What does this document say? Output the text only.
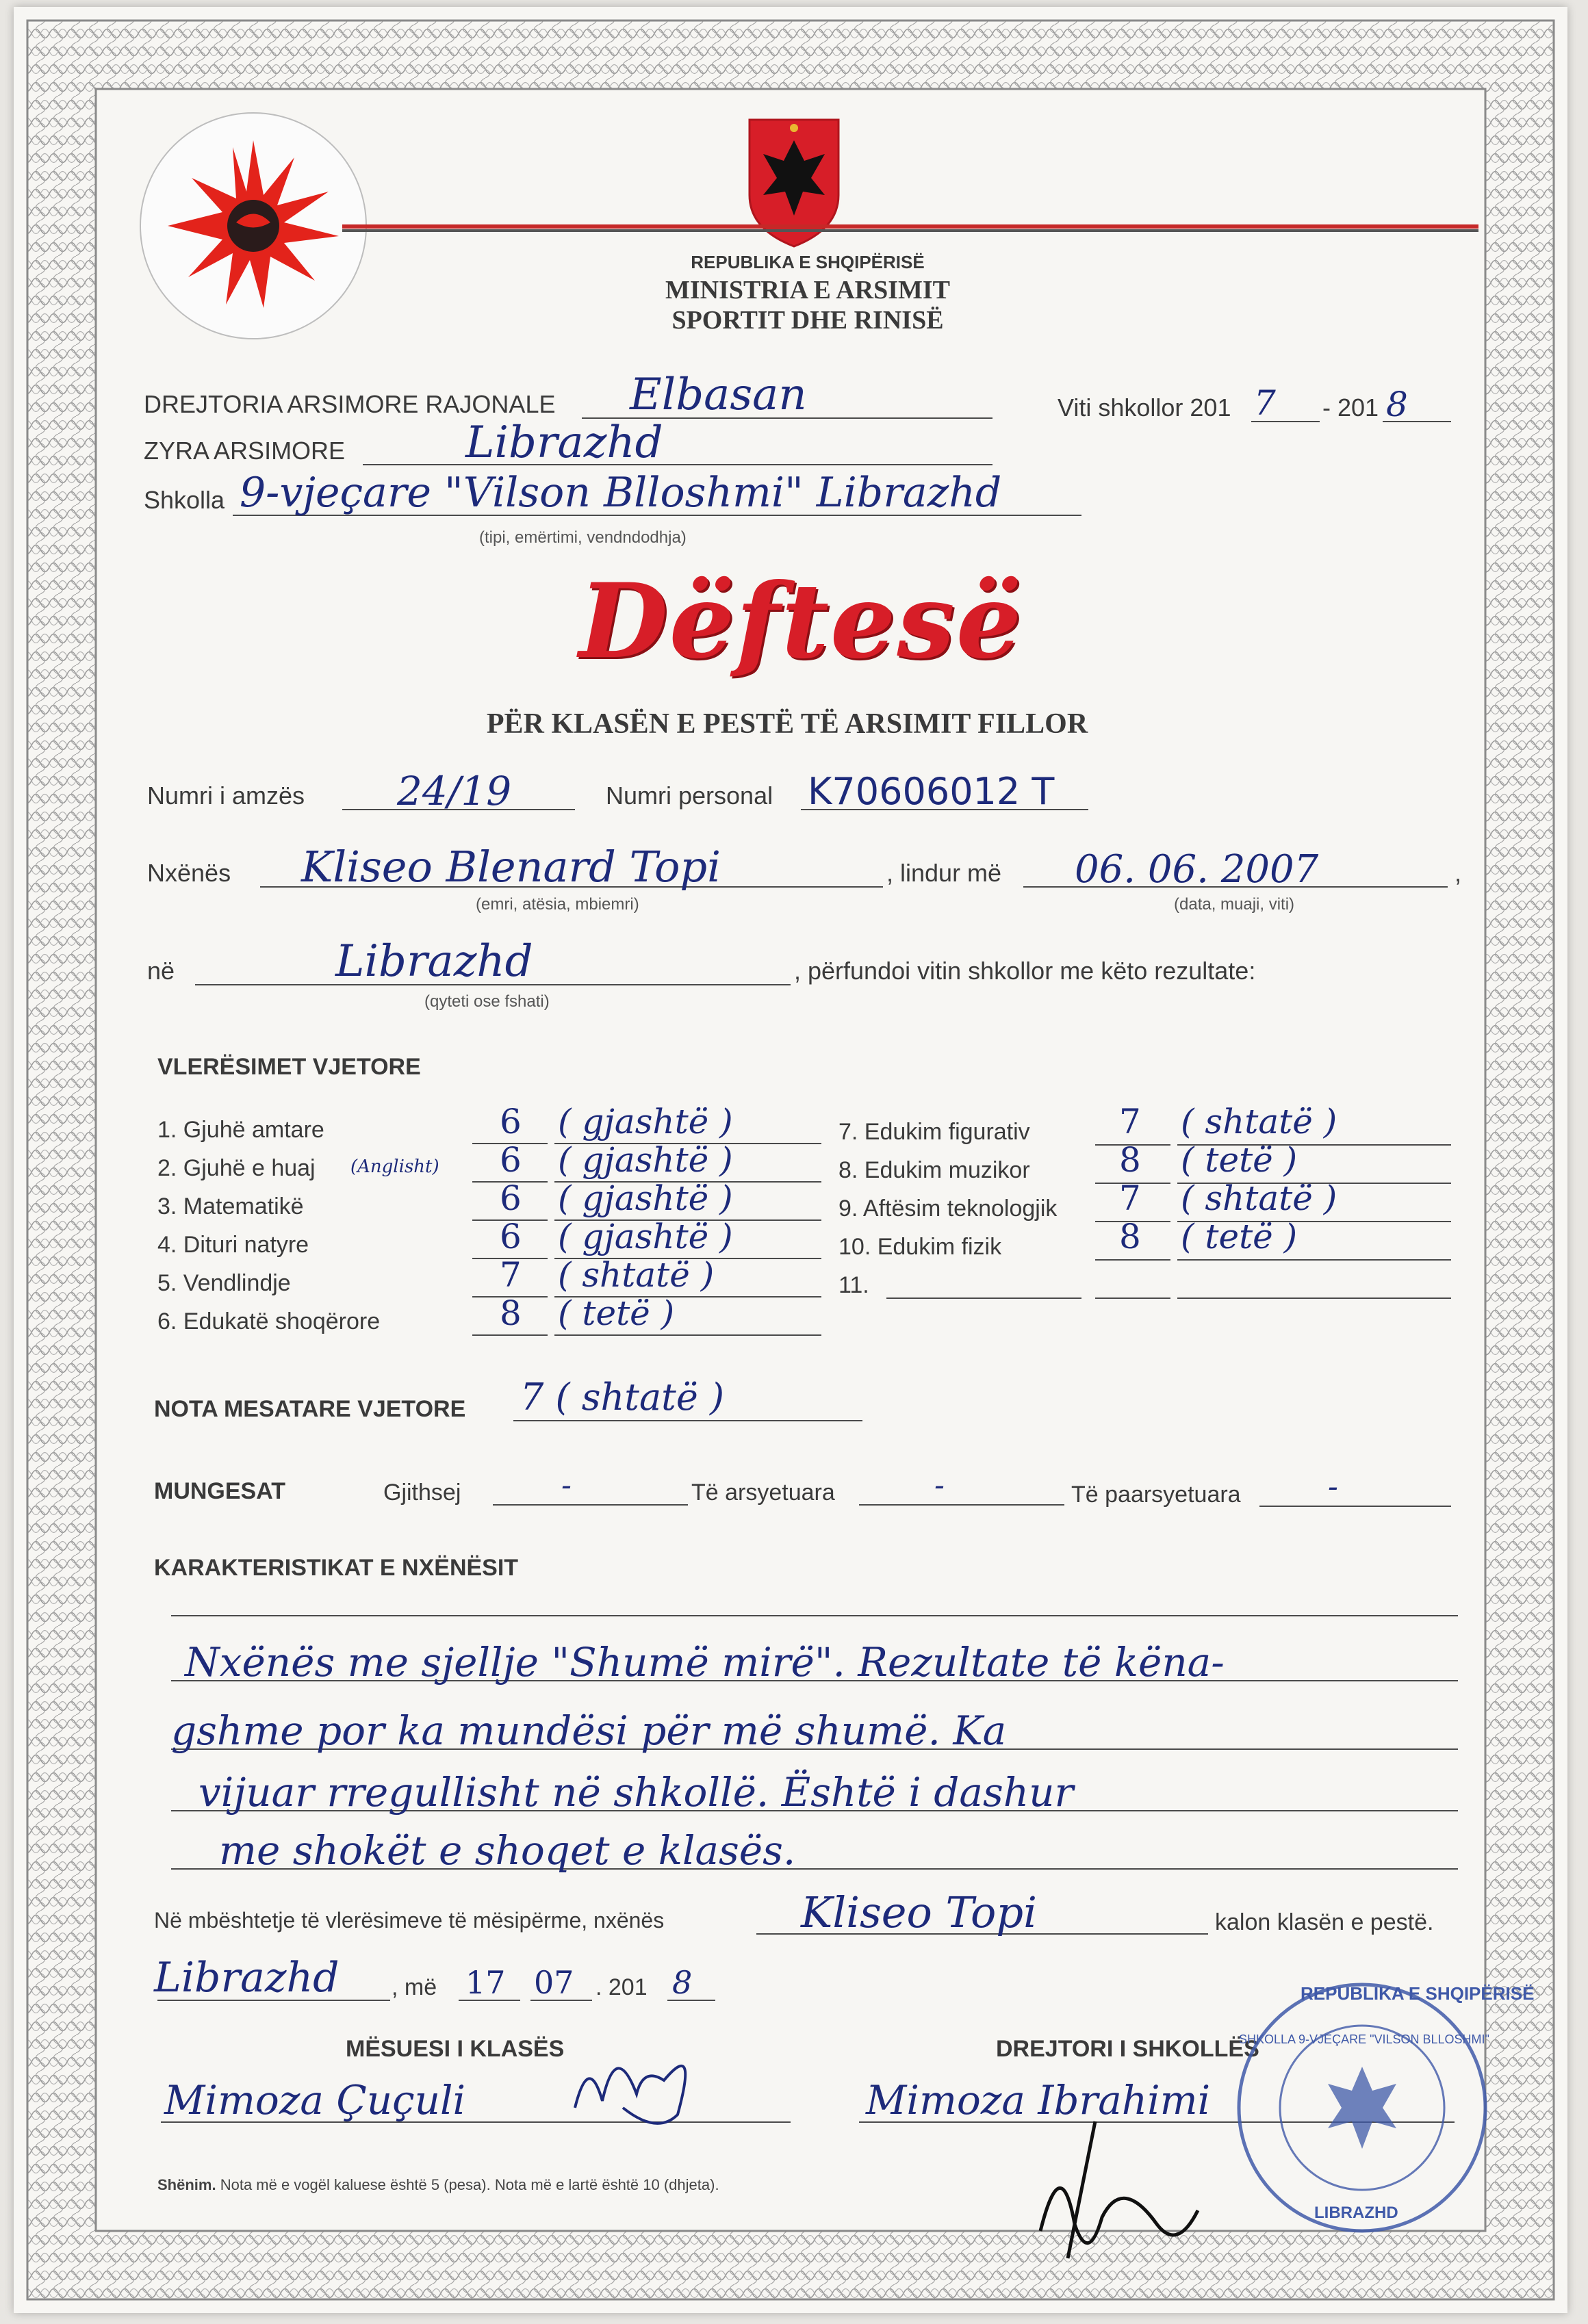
REPUBLIKA E SHQIPËRISË
MINISTRIA E ARSIMIT
SPORTIT DHE RINISË
DREJTORIA ARSIMORE RAJONALE Elbasan	Viti shkollor 201 7 - 201 8
ZYRA ARSIMORE	Librazhd
Shkolla 9-vjeçare "Vilson Blloshmi" Librazhd
(tipi, emërtimi, vendndodhja)
Dëftesë
PËR KLASËN E PESTË TË ARSIMIT FILLOR
Numri i amzës 24/19	Numri personal K70606012 T
Nxënës Kliseo Blenard Topi
(emri, atësia, mbiemri)
, lindur më 06. 06. 2007	,
(data, muaji, viti)
në	Librazhd
(qyteti ose fshati)
, përfundoi vitin shkollor me këto rezultate:
VLERËSIMET VJETORE
1. Gjuhë amtare	6 ( gjashtë )
2. Gjuhë e huaj (Anglisht) 6 ( gjashtë )
3. Matematikë	6 ( gjashtë )
4. Dituri natyre	6 ( gjashtë )
5. Vendlindje	7 ( shtatë )
6. Edukatë shoqërore	8 ( tetë )
7. Edukim figurativ	7 ( shtatë )
8. Edukim muzikor	8 ( tetë )
9. Aftësim teknologjik 7 ( shtatë )
10. Edukim fizik	8 ( tetë )
11.
NOTA MESATARE VJETORE 7 ( shtatë )
MUNGESAT	Gjithsej	-	Të arsyetuara	-	Të paarsyetuara	-
KARAKTERISTIKAT E NXËNËSIT
Nxënës me sjellje "Shumë mirë". Rezultate të këna-
gshme por ka mundësi për më shumë. Ka
vijuar rregullisht në shkollë. Është i dashur
me shokët e shoqet e klasës.
Në mbështetje të vlerësimeve të mësipërme, nxënës	Kliseo Topi	kalon klasën e pestë.
Librazhd , më 17 07 . 201 8
MËSUESI I KLASËS
Mimoza Çuçuli
DREJTORI I SHKOLLËS
Mimoza Ibrahimi
REPUBLIKA E SHQIPËRISË
SHKOLLA 9-VJEÇARE "VILSON BLLOSHMI"
LIBRAZHD
Shënim. Nota më e vogël kaluese është 5 (pesa). Nota më e lartë është 10 (dhjeta).
